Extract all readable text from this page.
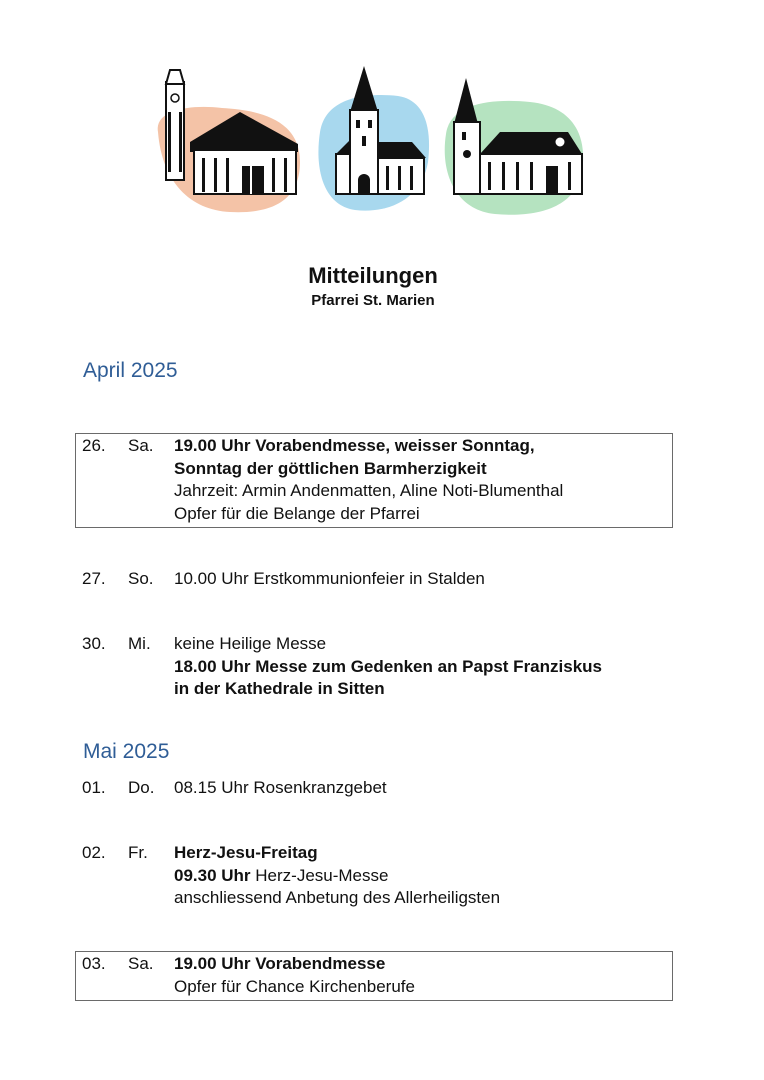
Mitteilungen
Pfarrei St. Marien
April 2025
Mai 2025
26. Sa. 19.00 Uhr Vorabendmesse, weisser Sonntag,
Sonntag der göttlichen Barmherzigkeit
Jahrzeit: Armin Andenmatten, Aline Noti-Blumenthal
Opfer für die Belange der Pfarrei
27. So. 10.00 Uhr Erstkommunionfeier in Stalden
30. Mi. keine Heilige Messe
18.00 Uhr Messe zum Gedenken an Papst Franziskus
in der Kathedrale in Sitten
01. Do. 08.15 Uhr Rosenkranzgebet
02. Fr. Herz-Jesu-Freitag
09.30 Uhr Herz-Jesu-Messe
anschliessend Anbetung des Allerheiligsten
03. Sa. 19.00 Uhr Vorabendmesse
Opfer für Chance Kirchenberufe
